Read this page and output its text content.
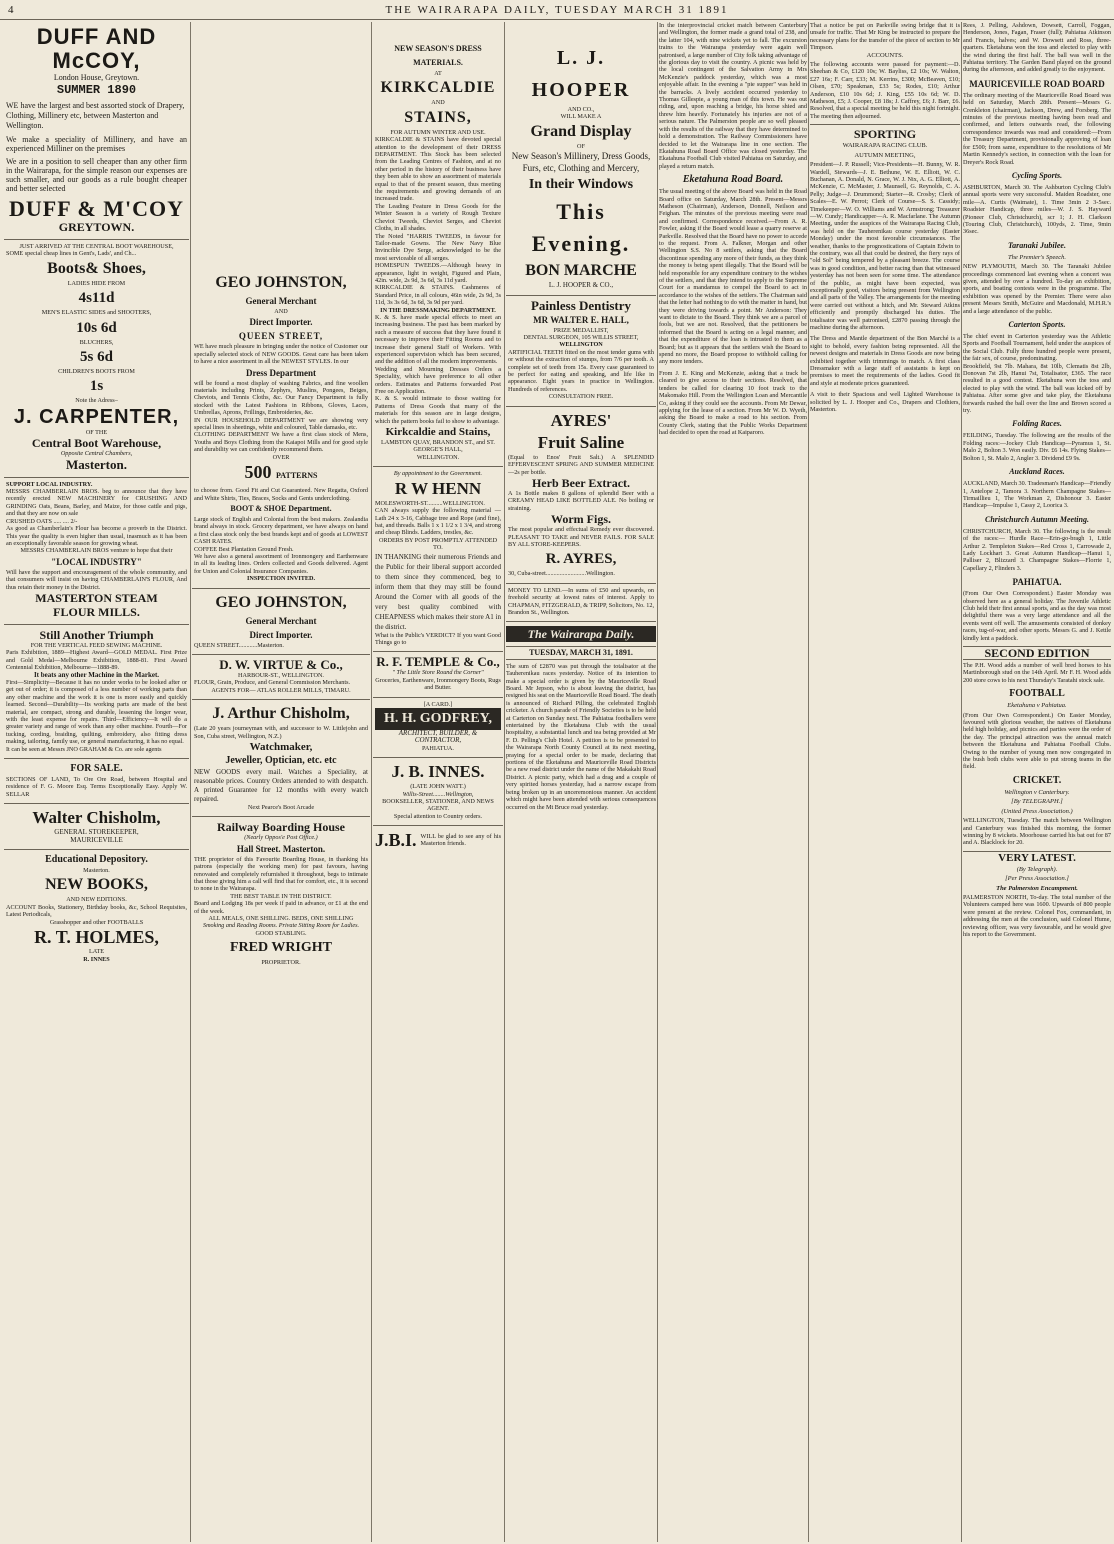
4	THE WAIRARAPA DAILY, TUESDAY MARCH 31 1891
DUFF AND McCOY,
London House, Greytown.
SUMMER 1890
WE have the largest and best assorted stock of Drapery, Clothing, Millinery etc, between Masterton and Wellington.
We make a speciality of Millinery, and have an experienced Milliner on the premises
We are in a position to sell cheaper than any other firm in the Wairarapa, for the simple reason our expenses are such smaller, and our goods as a rule bought cheaper and better selected
DUFF & M'COY
GREYTOWN.
JUST ARRIVED AT THE CENTRAL BOOT WAREHOUSE,
SOME special cheap lines in Gent's, Lads', and Ch...
Boots& Shoes,
LADIES HIDE FROM
4s11d
MEN'S ELASTIC SIDES and SHOOTERS,
10s 6d
BLUCHERS,
5s 6d
CHILDREN'S BOOTS FROM
1s
Note the Adress–
J. CARPENTER,
OF THE
Central Boot Warehouse,
Opposite Central Chambers,
Masterton.
SUPPORT LOCAL INDUSTRY.
MESSRS CHAMBERLAIN BROS. beg to announce that they have recently erected NEW MACHINERY for CRUSHING AND GRINDING Oats, Beans, Barley, and Maize, for those cattle and pigs, and that they are now on sale
CRUSHED OATS ..... .... 2/-
As good as Chamberlain's Flour has become a proverb in the District. This year the quality is even higher than usual, inasmuch as it has been an exceptionally favorable season for growing wheat.
MESSRS CHAMBERLAIN BROS venture to hope that their
"LOCAL INDUSTRY"
Will have the support and encouragement of the whole community, and that consumers will insist on having CHAMBERLAIN'S FLOUR, And thus retain their money in the District.
MASTERTON STEAM
FLOUR MILLS.
Still Another Triumph
FOR THE VERTICAL FEED SEWING MACHINE.
Paris Exhibition, 1889—Highest Award—GOLD MEDAL. First Prize and Gold Medal—Melbourne Exhibition, 1888-81. First Award Centennial Exhibition, Melbourne—1888-89.
It beats any other Machine in the Market.
First—Simplicity—Because it has no under works to be looked after or get out of order; it is composed of a less number of working parts than any other machine and the work it is one is more easily and quickly learned. Second—Durability—Its working parts are made of the best material, are compact, strong and durable, lessening the longer wear, with the least expense for repairs. Third—Efficiency—It will do a greater variety and range of work than any other machine. Fourth—For tucking, cording, braiding, quilting, embroidery, also fitting dress making, tailoring, family use, or general manufacturing, it has no equal.
It can be seen at Messrs JNO GRAHAM & Co. are sole agents
FOR SALE.
SECTIONS OF LAND, To Ore Ore Road, between Hospital and residence of F. G. Moore Esq. Terms Exceptionally Easy. Apply W. SELLAR
Walter Chisholm,
GENERAL STOREKEEPER,
MAURICEVILLE
Educational Depository.
Masterton.
NEW BOOKS,
AND NEW EDITIONS.
ACCOUNT Books, Stationery, Birthday books, &c, School Requisites, Latest Periodicals,
Grasshopper and other FOOTBALLS
R. T. HOLMES,
LATE
R. INNES
GEO JOHNSTON,
General Merchant
AND
Direct Importer.
QUEEN STREET,
WE have much pleasure in bringing under the notice of Customer our specially selected stock of NEW GOODS. Great care has been taken to have a nice assortment in all the NEWEST STYLES. In our
Dress Department
will be found a most display of washing Fabrics, and fine woollen materials including Prints, Zephyrs, Muslins, Pongees, Beiges, Cheviots, and Tennis Cloths, &c. Our Fancy Department is fully stocked with the Latest Fashions in Ribbons, Gloves, Laces, Umbrellas, Aprons, Frillings, Embroideries, &c.
IN OUR HOUSEHOLD DEPARTMENT we are showing very special lines in sheetings, white and coloured, Table damasks, etc.
CLOTHING DEPARTMENT We have a first class stock of Mens, Youths and Boys Clothing from the Kaiapoi Mills and for good style and durability we can confidently recommend them.
OVER
500 PATTERNS
to choose from. Good Fit and Cut Guaranteed. New Regatta, Oxford and White Shirts, Ties, Braces, Socks and Gents underclothing.
BOOT & SHOE Department.
Large stock of English and Colonial from the best makers. Zealandia brand always in stock. Grocery department, we have always on hand a first class stock only the best brands kept and of goods at LOWEST CASH RATES.
COFFEE Best Plantation Ground Fresh.
We have also a general assortment of Ironmongery and Earthenware in all its leading lines. Orders collected and Goods delivered. Agent for Union and Colonial Insurance Companies.
INSPECTION INVITED.
GEO JOHNSTON,
General Merchant
Direct Importer.
QUEEN STREET............Masterton.
D. W. VIRTUE & Co.,
HARBOUR-ST., WELLINGTON.
FLOUR, Grain, Produce, and General Commission Merchants.
AGENTS FOR— ATLAS ROLLER MILLS, TIMARU.
J. Arthur Chisholm,
(Late 20 years journeyman with, and successor to W. Littlejohn and Son, Cuba street, Wellington, N.Z.)
Watchmaker,
Jeweller, Optician, etc. etc
NEW GOODS every mail. Watches a Speciality, at reasonable prices. Country Orders attended to with despatch. A printed Guarantee for 12 months with every watch repaired.
Next Pearce's Boot Arcade
Railway Boarding House
(Nearly Oppos'e Post Office.)
Hall Street. Masterton.
THE proprietor of this Favourite Boarding House, in thanking his patrons (especially the working men) for past favours, having renovated and completely refurnished it throughout, begs to intimate that those giving him a call will find that for comfort, etc., it is second to none in the Wairarapa.
THE BEST TABLE IN THE DISTRICT.
Board and Lodging 18s per week if paid in advance, or £1 at the end of the week.
ALL MEALS, ONE SHILLING. BEDS, ONE SHILLING
Smoking and Reading Rooms. Private Sitting Room for Ladies.
GOOD STABLING.
FRED WRIGHT
PROPRIETOR.
NEW SEASON'S DRESS MATERIALS.
AT
KIRKCALDIE
AND
STAINS,
FOR AUTUMN WINTER AND USE.
KIRKCALDIE & STAINS have devoted special attention to the development of their DRESS DEPARTMENT. This Stock has been selected from the Leading Centres of Fashion, and at no other period in the history of their business have they been able to show an assortment of materials equal to that of the present season, thus meeting the requirements and growing demands of an increased trade.
The Leading Feature in Dress Goods for the Winter Season is a variety of Rough Texture Cheviot Tweeds, Cheviot Serges, and Cheviot Cloths, in all shades.
The Noted "HARRIS TWEEDS, in favour for Tailor-made Gowns. The New Navy Blue Invincible Dye Serge, acknowledged to be the most serviceable of all serges.
HOMESPUN TWEEDS.—Although heavy in appearance, light in weight, Figured and Plain, 42in. wide, 2s 9d, 3s 6d, 3s 11d yard.
KIRKCALDIE & STAINS. Cashmeres of Standard Price, in all colours, 46in wide, 2s 9d, 3s 11d, 3s 3s 6d, 3s 6d, 3s 9d per yard.
IN THE DRESSMAKING DEPARTMENT.
K. & S. have made special effects to meet an increasing business. The past has been marked by such a measure of success that they have found it necessary to improve their Fitting Rooms and to increase their general Staff of Workers. With experienced supervision which has been secured, and the addition of all the modern improvements.
Wedding and Mourning Dresses Orders a Speciality, which have preference to all other orders. Estimates and Patterns forwarded Post Free on Application.
K. & S. would intimate to those waiting for Patterns of Dress Goods that many of the materials for this season are in large designs, which the pattern books fail to show to advantage.
Kirkcaldie and Stains,
LAMBTON QUAY, BRANDON ST., and ST. GEORGE'S HALL,
WELLINGTON.
By appointment to the Government.
R W HENN
MOLESWORTH-ST..........WELLINGTON.
CAN always supply the following material — Lath 24 x 3-16, Cabbage tree and Rope (and fine), bat, and threads. Balls 1 x 1 1/2 x 1 3/4, and strong and cheap Blinds. Ladders, trestles, &c.
ORDERS BY POST PROMPTLY ATTENDED TO.
IN THANKING their numerous Friends and the Public for their liberal support accorded to them since they commenced, beg to inform them that they may still be found Around the Corner with all goods of the very best quality combined with CHEAPNESS which makes their store A1 in the district.
What is the Public's VERDICT? If you want Good Things go to
R. F. TEMPLE & Co.,
" The Little Store Round the Corner"
Groceries, Earthenware, Ironmongery Boots, Rugs and Butter.
[A CARD.]
H. H. GODFREY,
ARCHITECT, BUILDER, & CONTRACTOR,
PAHIATUA.
J. B. INNES.
(LATE JOHN WATT.)
Willis-Street........Wellington,
BOOKSELLER, STATIONER, AND NEWS AGENT.
Special attention to Country orders.
J.B.I. WILL be glad to see any of his Masterton friends.
L. J. HOOPER
AND CO.,
WILL MAKE A
Grand Display
OF
New Season's Millinery, Dress Goods, Furs, etc, Clothing and Mercery,
In their Windows
This Evening.
BON MARCHE
L. J. HOOPER & CO.,
Painless Dentistry
MR WALTER E. HALL,
PRIZE MEDALLIST,
DENTAL SURGEON, 105 WILLIS STREET,
WELLINGTON
ARTIFICIAL TEETH fitted on the most tender gums with or without the extraction of stumps, from 7/6 per tooth. A complete set of teeth from 15s. Every case guaranteed to be perfect for eating and speaking, and life like in appearance. Eight years in practice in Wellington. Hundreds of references.
CONSULTATION FREE.
AYRES'
Fruit Saline
(Equal to Enos' Fruit Salt.) A SPLENDID EFFERVESCENT SPRING AND SUMMER MEDICINE—2s per bottle.
Herb Beer Extract.
A 1s Bottle makes 8 gallons of splendid Beer with a CREAMY HEAD LIKE BOTTLED ALE. No boiling or straining.
Worm Figs.
The most popular and effectual Remedy ever discovered. PLEASANT TO TAKE and NEVER FAILS. FOR SALE BY ALL STORE-KEEPERS.
R. AYRES,
30, Cuba-street..........................Wellington.
MONEY TO LEND.—In sums of £50 and upwards, on freehold security at lowest rates of interest. Apply to CHAPMAN, FITZGERALD, & TRIPP, Solicitors, No. 12, Brandon St., Wellington.
The Wairarapa Daily.
TUESDAY, MARCH 31, 1891.
The sum of £2870 was put through the totalisator at the Tauherenikau races yesterday. Notice of its intention to make a special order is given by the Mauriceville Road Board. Mr Jepson, who is about leaving the district, has resigned his seat on the Mauriceville Road Board. The death is announced of Richard Pilling, the celebrated English cricketer. A church parade of Friendly Societies is to be held at Carterton on Sunday next. The Pahiatua footballers were entertained by the Eketahuna Club with the usual hospitality, a substantial lunch and tea being provided at Mr F. D. Pelling's Club Hotel. A petition is to be presented to the Wairarapa North County Council at its next meeting, praying for a special order to be made, declaring that portions of the Eketahuna and Mauriceville Road Districts be a new road district under the name of the Makakahi Road District. A picnic party, which had a drag and a couple of very spirited horses yesterday, had a narrow escape from being broken up in an unceremonious manner. An accident which might have been attended with serious consequences occurred on the Mt Bruce road yesterday.
In the interprovincial cricket match between Canterbury and Wellington, the former made a grand total of 238, and the latter 104, with nine wickets yet to fall. The excursion trains to the Wairarapa yesterday were again well patronised, a large number of City folk taking advantage of the glorious day to visit the country. A picnic was held by the local contingent of the Salvation Army in Mrs McKenzie's paddock yesterday, which was a most enjoyable affair. In the evening a "pie supper" was held in the barracks. A lively accident occurred yesterday to Thomas Gillespie, a young man of this town. He was out riding, and, upon reaching a bridge, his horse shied and threw him heavily. Fortunately his injuries are not of a serious nature. The Palmerston people are so well pleased with the results of the railway that they have determined to hold a demonstration. The Railway Commissioners have decided to let the Wairarapa line in one section. The Ekatahuna Road Board Office was closed yesterday. The Ekatahuna Football Club visited Pahiatua on Saturday, and played a return match.
Eketahuna Road Board.
The usual meeting of the above Board was held in the Road Board office on Saturday, March 28th. Present—Messrs Matheson (Chairman), Anderson, Donnell, Neilson and Feighan. The minutes of the previous meeting were read and confirmed. Correspondence received.—From A. R. Fowler, asking if the Board would lease a quarry reserve at Parkville. Resolved that the Board have no power to accede to the request. From A. Falkner, Morgan and other Wellington S.S. No 8 settlers, asking that the Board discontinue spending any more of their funds, as they think the money is being spent illegally. That the Board will be held responsible for any expenditure contrary to the wishes of the settlers, and that they intend to apply to the Supreme Court for a mandamus to compel the Board to act in accordance to the wishes of the settlers. The Chairman said that the letter had nothing to do with the matter in hand, but they were driving towards a point. Mr Anderson: They want to dictate to the Board. They think we are a parcel of fools, but we are not. Resolved, that the petitioners be informed that the Board is acting on a legal manner, and that the expenditure of the loan is intrusted to them as a Board; but as it appears that the settlers wish the Board to spend no more, the Board propose to withhold calling for any more tenders.
From J. E. King and McKenzie, asking that a track be cleared to give access to their sections. Resolved, that tenders be called for clearing 10 foot track to the Makomako Hill. From the Wellington Loan and Mercantile Co, asking if they could see the accounts. From Mr Dewar, applying for the lease of a section. From Mr W. D. Wyeth, asking the Board to make a road to his section. From County Clerk, stating that the Public Works Department had decided to open the road at Kaiparoro.
That a notice be put on Parkville swing bridge that it is unsafe for traffic. That Mr King be instructed to prepare the necessary plans for the transfer of the piece of section to Mr Timpson.
ACCOUNTS.
The following accounts were passed for payment:—D. Sheehan & Co, £120 10s; W. Bayliss, £2 10s; W. Walton, £27 16s; F. Carr, £33; M. Kerrins, £300; McBeaven, £10; Olsen, £70; Speakman, £33 5s; Rodes, £10; Arthur Anderson, £10 10s 6d; J. King, £55 10s 6d; W. D. Matheson, £5; J. Cooper, £8 18s; J. Caffrey, £6; J. Barr, £6. Resolved, that a special meeting be held this night fortnight. The meeting then adjourned.
SPORTING
WAIRARAPA RACING CLUB.
AUTUMN MEETING,
President—J. P. Russell; Vice-Presidents—H. Bunny, W. R. Wardell, Stewards—J. E. Bethune, W. E. Elliott, W. C. Buchanan, A. Donald, N. Grace, W. J. Nix, A. G. Elliott, A. McKenzie, C. McMaster, J. Maunsell, G. Reynolds, C. A. Pelly; Judge—J. Drummond; Starter—R. Crosby; Clerk of Scales—E. W. Perrot; Clerk of Course—S. S. Cassidy; Timekeeper—W. O. Williams and W. Armstrong; Treasurer—W. Cundy; Handicapper—A. R. Macfarlane. The Autumn Meeting, under the auspices of the Wairarapa Racing Club, was held on the Tauherenikau course yesterday (Easter Monday) under the most favorable circumstances. The weather, thanks to the prognostications of Captain Edwin to the contrary, was all that could be desired, the fiery rays of "old Sol" being tempered by a pleasant breeze. The course was in good condition, and better racing than that witnessed yesterday has not been seen for some time. The attendance of the public, as might have been expected, was exceptionally good, visitors being present from Wellington and all parts of the Valley. The arrangements for the meeting were carried out without a hitch, and Mr. Steward Atkins efficiently and promptly discharged his duties. The totalisator was well patronised, £2870 passing through the machine during the afternoon.
The Dress and Mantle department of the Bon Marché is a sight to behold, every fashion being represented. All the newest designs and materials in Dress Goods are now being exhibited together with trimmings to match. A first class Dressmaker with a large staff of assistants is kept on premises to meet the requirements of the ladies. Good fit and style at moderate prices guaranteed.
A visit to their Spacious and well Lighted Warehouse is solicited by L. J. Hooper and Co., Drapers and Clothiers, Masterton.
Rees, J. Pelling, Ashdown, Dowsett, Carroll, Foggan, Henderson, Jones, Fagan, Fraser (full); Pahiatua Atkinson and Francis, halves; and W. Dowsett and Ross, three-quarters. Eketahuna won the toss and elected to play with the wind during the first half. The ball was well in the Pahiatua territory. The Garden Band played on the ground during the afternoon, and added greatly to the enjoyment.
MAURICEVILLE ROAD BOARD
The ordinary meeting of the Mauriceville Road Board was held on Saturday, March 28th. Present—Messrs G. Crenkleton (chairman), Jackson, Drew, and Forsberg. The minutes of the previous meeting having been read and confirmed, and letters outwards read, the following correspondence inwards was read and considered:—From the Treasury Department, provisionally approving of loan for £500; from same, expenditure to the resolutions of Mr Martin Kennedy's section, in connection with the loan for Dreyer's Rock Road.
Cycling Sports.
ASHBURTON, March 30. The Ashburton Cycling Club's annual sports were very successful. Maiden Roadster, one mile—A. Curtis (Waimate), 1. Time 3min 2 3-5sec. Roadster Handicap, three miles—W. J. S. Hayward (Pioneer Club, Christchurch), scr 1; J. H. Clarkson (Touring Club, Christchurch), 100yds, 2. Time, 9min 36sec.
Taranaki Jubilee.
The Premier's Speech.
NEW PLYMOUTH, March 30. The Taranaki Jubilee proceedings commenced last evening when a concert was given, attended by over a hundred. To-day an exhibition, sports, and boating contests were in the programme. The exhibition was opened by the Premier. There were also present Messrs Smith, McGuire and Macdonald, M.H.R.'s and a large attendance of the public.
Carterton Sports.
The chief event in Carterton yesterday was the Athletic Sports and Football Tournament, held under the auspices of the Social Club. Fully three hundred people were present, the fair sex, of course, predominating.
Brookfield, 9st 7lb. Mahara, 8st 10lb, Clematis 8st 2lb, Donovan 7st 2lb, Hanui 7st, Totalisator, £365. The race resulted in a good contest. Eketahuna won the toss and elected to play with the wind. The ball was kicked off by Pahiatua. After some give and take play, the Eketahuna forwards rushed the ball over the line and Brown scored a try.
Folding Races.
FEILDING, Tuesday. The following are the results of the Folding races:—Jockey Club Handicap—Pyramus 1, St. Malo 2, Bolton 3. Won easily. Div. £6 14s. Flying Stakes—Bolton 1, St. Malo 2, Angler 3. Dividend £9 9s.
Auckland Races.
AUCKLAND, March 30. Tradesman's Handicap—Friendly 1, Antelope 2, Tamora 3. Northern Champagne Stakes—Tirmaillieu 1, The Workman 2, Dishonour 3. Easter Handicap—Impulse 1, Cassy 2, Loorica 3.
Christchurch Autumn Meeting.
CHRISTCHURCH, March 30. The following is the result of the races:— Hurdle Race—Erin-go-bragh 1, Little Arthur 2. Templeton Stakes—Red Cross 1, Carrowade 2, Lady Lockhart 3. Great Autumn Handicap—Hanui 1, Palliser 2, Blizzard 3. Champagne Stakes—Florrie 1, Capellary 2, Flinders 3.
PAHIATUA.
(From Our Own Correspondent.) Easter Monday was observed here as a general holiday. The Juvenile Athletic Club held their first annual sports, and as the day was most delightful there was a very large attendance and all the events went off well. The amusements consisted of donkey races, tug-of-war, and other sports. Messrs G. and J. Kettle kindly lent a paddock.
SECOND EDITION
The P.H. Wood adds a number of well bred horses to his Martinborough stud on the 14th April. Mr F. H. Wood adds 200 store cows to his next Thursday's Taratahi stock sale.
FOOTBALL
Eketahuna v Pahiatua.
(From Our Own Correspondent.) On Easter Monday, favoured with glorious weather, the natives of Eketahuna held high holiday, and picnics and parties were the order of the day. The principal attraction was the annual match between the Eketahuna and Pahiatua Football Clubs. Owing to the number of young men now congregated in the bush both clubs were able to put strong teams in the field.
CRICKET.
Wellington v Canterbury.
[By TELEGRAPH.]
(United Press Association.)
WELLINGTON, Tuesday. The match between Wellington and Canterbury was finished this morning, the former winning by 8 wickets. Moorhouse carried his bat out for 87 and A. Blacklock for 20.
VERY LATEST.
(By Telegraph).
[Per Press Association.]
The Palmerston Encampment.
PALMERSTON NORTH, To-day. The total number of the Volunteers camped here was 1600. Upwards of 800 people were present at the review. Colonel Fox, commandant, in addressing the men at the conclusion, said Colonel Hume, reviewing officer, was very favourable, and he would give his report to the Government.
